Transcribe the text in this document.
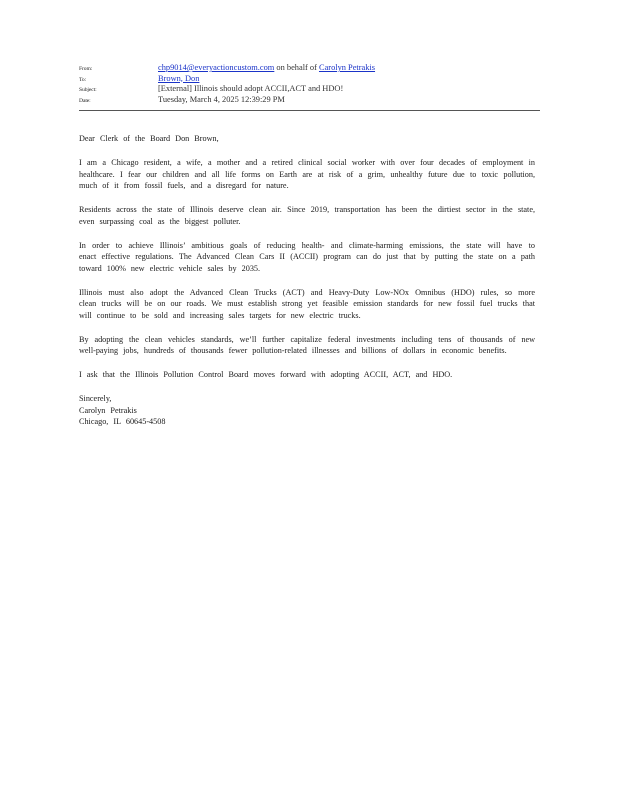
From:	chp9014@everyactioncustom.com on behalf of Carolyn Petrakis
To:	Brown, Don
Subject:	[External] Illinois should adopt ACCII,ACT and HDO!
Date:	Tuesday, March 4, 2025 12:39:29 PM

Dear Clerk of the Board Don Brown,

I am a Chicago resident, a wife, a mother and a retired clinical social worker with over four decades of employment in healthcare. I fear our children and all life forms on Earth are at risk of a grim, unhealthy future due to toxic pollution, much of it from fossil fuels, and a disregard for nature.

Residents across the state of Illinois deserve clean air. Since 2019, transportation has been the dirtiest sector in the state, even surpassing coal as the biggest polluter.

In order to achieve Illinois’ ambitious goals of reducing health- and climate-harming emissions, the state will have to enact effective regulations. The Advanced Clean Cars II (ACCII) program can do just that by putting the state on a path toward 100% new electric vehicle sales by 2035.

Illinois must also adopt the Advanced Clean Trucks (ACT) and Heavy-Duty Low-NOx Omnibus (HDO) rules, so more clean trucks will be on our roads. We must establish strong yet feasible emission standards for new fossil fuel trucks that will continue to be sold and increasing sales targets for new electric trucks.

By adopting the clean vehicles standards, we’ll further capitalize federal investments including tens of thousands of new well-paying jobs, hundreds of thousands fewer pollution-related illnesses and billions of dollars in economic benefits.

I ask that the Illinois Pollution Control Board moves forward with adopting ACCII, ACT, and HDO.

Sincerely,
Carolyn Petrakis
Chicago, IL 60645-4508
